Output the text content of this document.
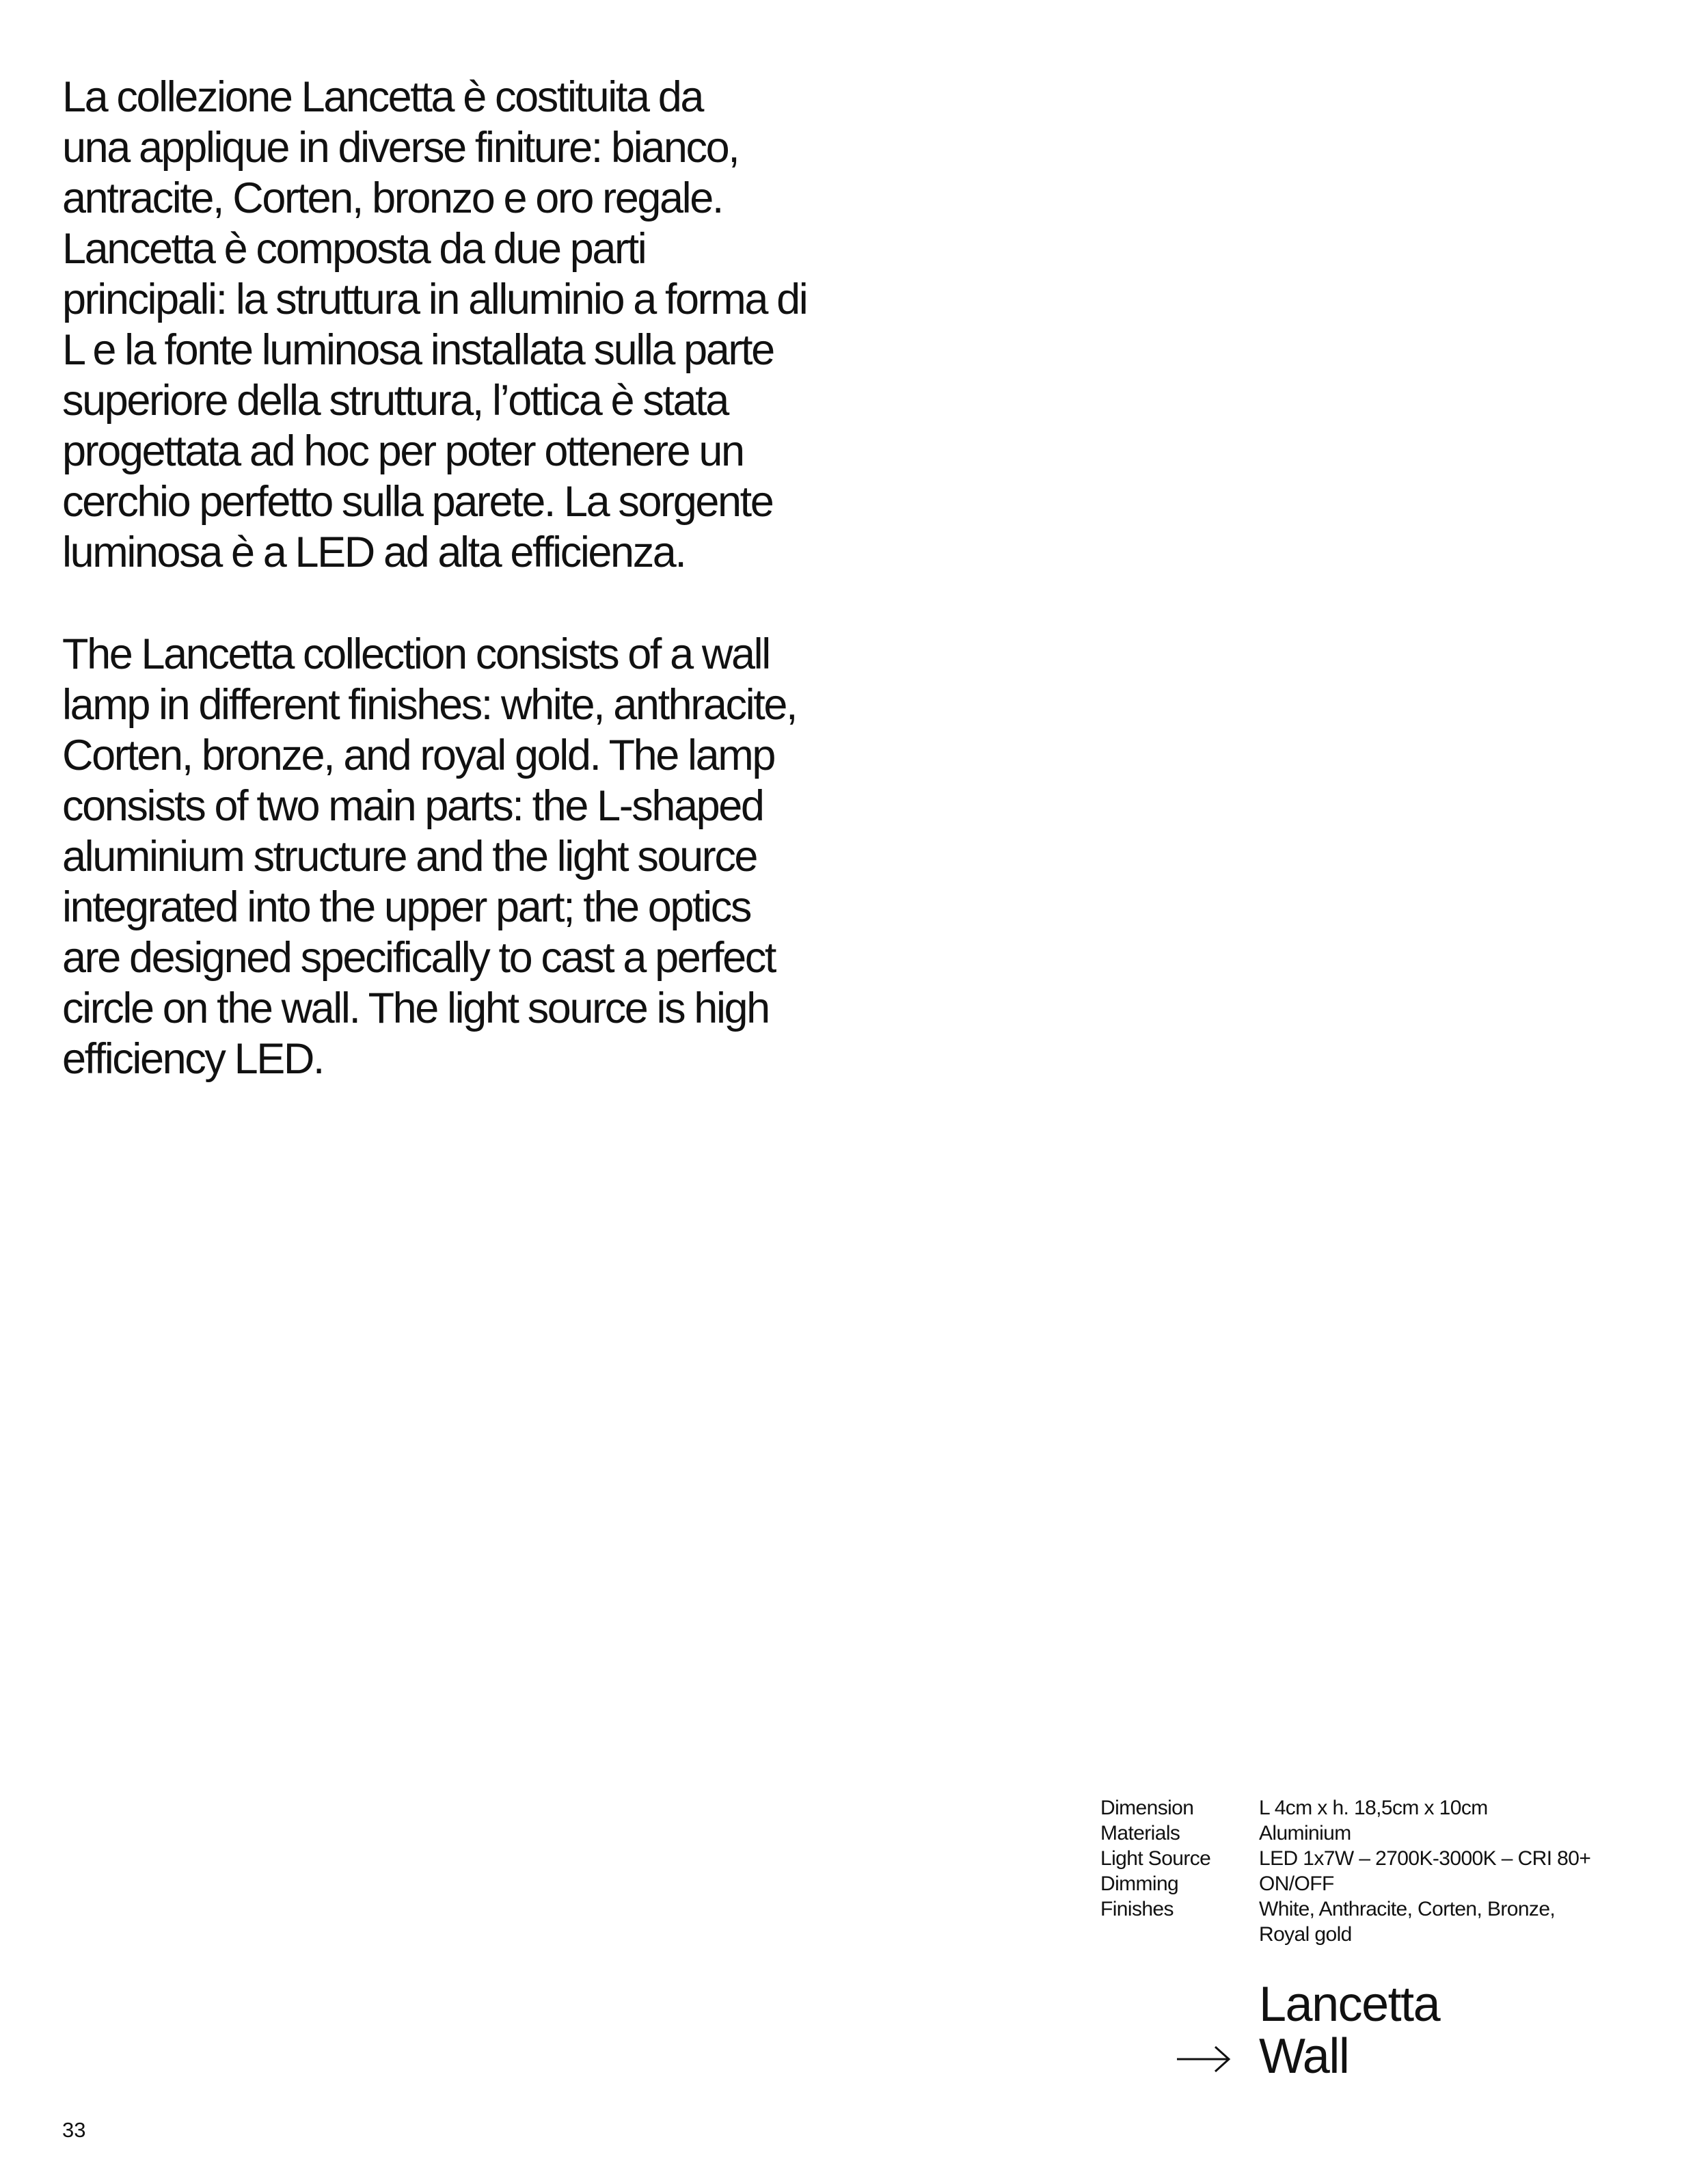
La collezione Lancetta è costituita da
una applique in diverse finiture: bianco,
antracite, Corten, bronzo e oro regale.
Lancetta è composta da due parti
principali: la struttura in alluminio a forma di
L e la fonte luminosa installata sulla parte
superiore della struttura, l’ottica è stata
progettata ad hoc per poter ottenere un
cerchio perfetto sulla parete. La sorgente
luminosa è a LED ad alta efficienza.
The Lancetta collection consists of a wall
lamp in different finishes: white, anthracite,
Corten, bronze, and royal gold. The lamp
consists of two main parts: the L-shaped
aluminium structure and the light source
integrated into the upper part; the optics
are designed specifically to cast a perfect
circle on the wall. The light source is high
efficiency LED.
Dimension	L 4cm x h. 18,5cm x 10cm
Materials	Aluminium
Light Source	LED 1x7W – 2700K-3000K – CRI 80+
Dimming	ON/OFF
Finishes	White, Anthracite, Corten, Bronze, Royal gold
Lancetta
Wall
33
